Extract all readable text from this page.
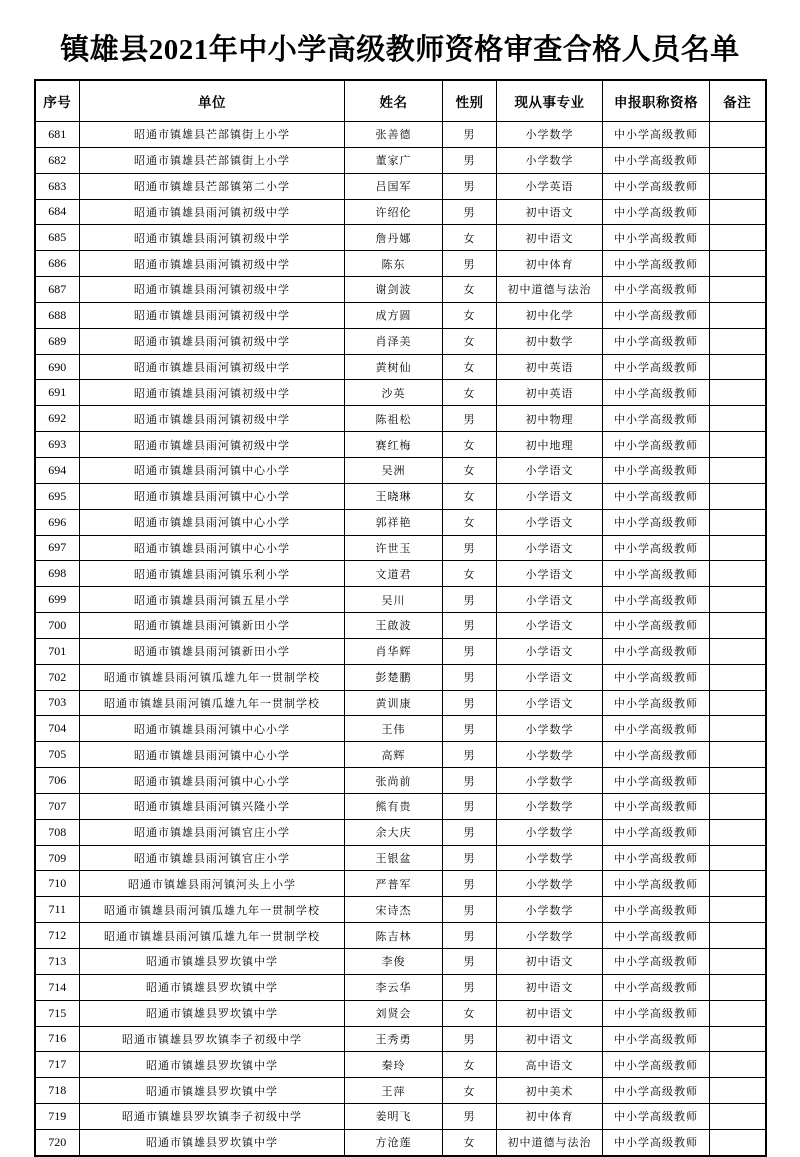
镇雄县2021年中小学高级教师资格审查合格人员名单
序号	单位	姓名	性别	现从事专业	申报职称资格	备注
681	昭通市镇雄县芒部镇街上小学	张善德	男	小学数学	中小学高级教师	
682	昭通市镇雄县芒部镇街上小学	董家广	男	小学数学	中小学高级教师	
683	昭通市镇雄县芒部镇第二小学	吕国军	男	小学英语	中小学高级教师	
684	昭通市镇雄县雨河镇初级中学	许绍伦	男	初中语文	中小学高级教师	
685	昭通市镇雄县雨河镇初级中学	詹丹娜	女	初中语文	中小学高级教师	
686	昭通市镇雄县雨河镇初级中学	陈东	男	初中体育	中小学高级教师	
687	昭通市镇雄县雨河镇初级中学	谢剑波	女	初中道德与法治	中小学高级教师	
688	昭通市镇雄县雨河镇初级中学	成方圆	女	初中化学	中小学高级教师	
689	昭通市镇雄县雨河镇初级中学	肖泽美	女	初中数学	中小学高级教师	
690	昭通市镇雄县雨河镇初级中学	黄树仙	女	初中英语	中小学高级教师	
691	昭通市镇雄县雨河镇初级中学	沙英	女	初中英语	中小学高级教师	
692	昭通市镇雄县雨河镇初级中学	陈祖松	男	初中物理	中小学高级教师	
693	昭通市镇雄县雨河镇初级中学	赛红梅	女	初中地理	中小学高级教师	
694	昭通市镇雄县雨河镇中心小学	吴洲	女	小学语文	中小学高级教师	
695	昭通市镇雄县雨河镇中心小学	王晓琳	女	小学语文	中小学高级教师	
696	昭通市镇雄县雨河镇中心小学	郭祥艳	女	小学语文	中小学高级教师	
697	昭通市镇雄县雨河镇中心小学	许世玉	男	小学语文	中小学高级教师	
698	昭通市镇雄县雨河镇乐利小学	文道君	女	小学语文	中小学高级教师	
699	昭通市镇雄县雨河镇五星小学	吴川	男	小学语文	中小学高级教师	
700	昭通市镇雄县雨河镇新田小学	王啟波	男	小学语文	中小学高级教师	
701	昭通市镇雄县雨河镇新田小学	肖华辉	男	小学语文	中小学高级教师	
702	昭通市镇雄县雨河镇瓜雄九年一贯制学校	彭楚鹏	男	小学语文	中小学高级教师	
703	昭通市镇雄县雨河镇瓜雄九年一贯制学校	黄训康	男	小学语文	中小学高级教师	
704	昭通市镇雄县雨河镇中心小学	王伟	男	小学数学	中小学高级教师	
705	昭通市镇雄县雨河镇中心小学	高辉	男	小学数学	中小学高级教师	
706	昭通市镇雄县雨河镇中心小学	张尚前	男	小学数学	中小学高级教师	
707	昭通市镇雄县雨河镇兴隆小学	熊有贵	男	小学数学	中小学高级教师	
708	昭通市镇雄县雨河镇官庄小学	余大庆	男	小学数学	中小学高级教师	
709	昭通市镇雄县雨河镇官庄小学	王银盆	男	小学数学	中小学高级教师	
710	昭通市镇雄县雨河镇河头上小学	严普军	男	小学数学	中小学高级教师	
711	昭通市镇雄县雨河镇瓜雄九年一贯制学校	宋诗杰	男	小学数学	中小学高级教师	
712	昭通市镇雄县雨河镇瓜雄九年一贯制学校	陈吉林	男	小学数学	中小学高级教师	
713	昭通市镇雄县罗坎镇中学	李俊	男	初中语文	中小学高级教师	
714	昭通市镇雄县罗坎镇中学	李云华	男	初中语文	中小学高级教师	
715	昭通市镇雄县罗坎镇中学	刘贤会	女	初中语文	中小学高级教师	
716	昭通市镇雄县罗坎镇李子初级中学	王秀勇	男	初中语文	中小学高级教师	
717	昭通市镇雄县罗坎镇中学	秦玲	女	高中语文	中小学高级教师	
718	昭通市镇雄县罗坎镇中学	王萍	女	初中美术	中小学高级教师	
719	昭通市镇雄县罗坎镇李子初级中学	姜明飞	男	初中体育	中小学高级教师	
720	昭通市镇雄县罗坎镇中学	方沧莲	女	初中道德与法治	中小学高级教师	
